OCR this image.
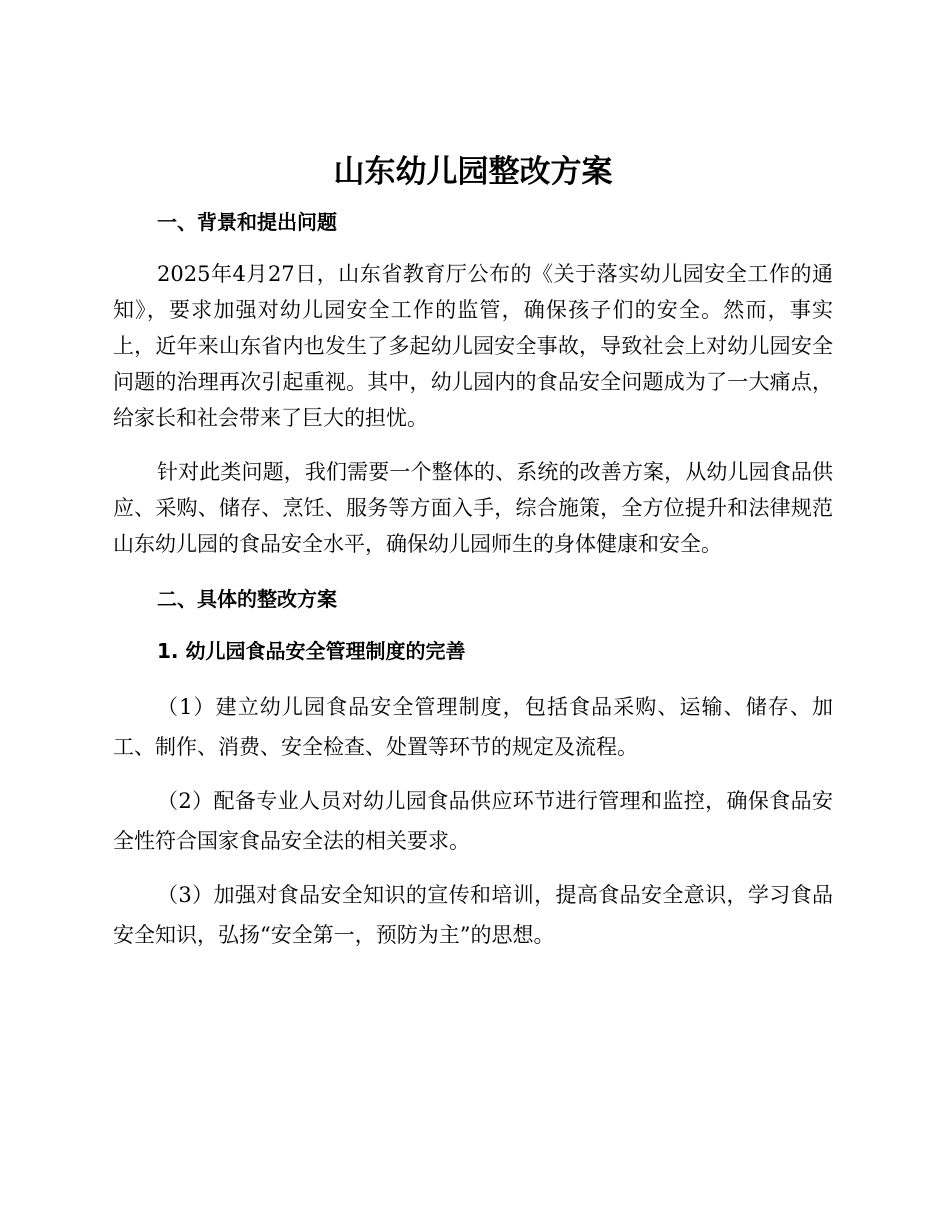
山东幼儿园整改方案
一、背景和提出问题

2025年4月27日，山东省教育厅公布的《关于落实幼儿园安全工作的通知》，要求加强对幼儿园安全工作的监管，确保孩子们的安全。然而，事实上，近年来山东省内也发生了多起幼儿园安全事故，导致社会上对幼儿园安全问题的治理再次引起重视。其中，幼儿园内的食品安全问题成为了一大痛点，给家长和社会带来了巨大的担忧。

针对此类问题，我们需要一个整体的、系统的改善方案，从幼儿园食品供应、采购、储存、烹饪、服务等方面入手，综合施策，全方位提升和法律规范山东幼儿园的食品安全水平，确保幼儿园师生的身体健康和安全。

二、具体的整改方案
1. 幼儿园食品安全管理制度的完善

（1）建立幼儿园食品安全管理制度，包括食品采购、运输、储存、加工、制作、消费、安全检查、处置等环节的规定及流程。

（2）配备专业人员对幼儿园食品供应环节进行管理和监控，确保食品安全性符合国家食品安全法的相关要求。

（3）加强对食品安全知识的宣传和培训，提高食品安全意识，学习食品安全知识，弘扬“安全第一，预防为主”的思想。
